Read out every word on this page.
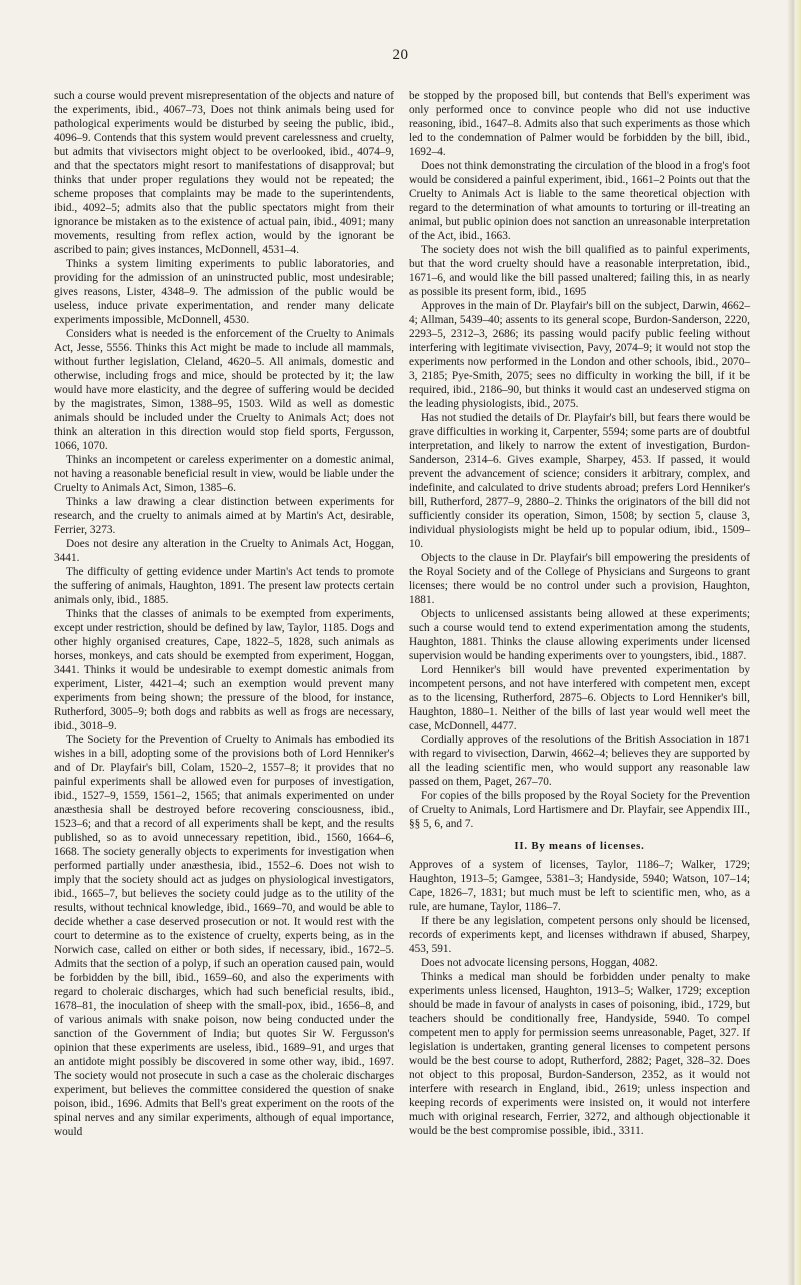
20

such a course would prevent misrepresentation of the objects and nature of the experiments, ibid., 4067–73, Does not think animals being used for pathological experiments would be disturbed by seeing the public, ibid., 4096–9. Contends that this system would prevent carelessness and cruelty, but admits that vivisectors might object to be overlooked, ibid., 4074–9, and that the spectators might resort to manifestations of disapproval; but thinks that under proper regulations they would not be repeated; the scheme proposes that complaints may be made to the superintendents, ibid., 4092–5; admits also that the public spectators might from their ignorance be mistaken as to the existence of actual pain, ibid., 4091; many movements, resulting from reflex action, would by the ignorant be ascribed to pain; gives instances, McDonnell, 4531–4.

Thinks a system limiting experiments to public laboratories, and providing for the admission of an uninstructed public, most undesirable; gives reasons, Lister, 4348–9. The admission of the public would be useless, induce private experimentation, and render many delicate experiments impossible, McDonnell, 4530.

Considers what is needed is the enforcement of the Cruelty to Animals Act, Jesse, 5556. Thinks this Act might be made to include all mammals, without further legislation, Cleland, 4620–5. All animals, domestic and otherwise, including frogs and mice, should be protected by it; the law would have more elasticity, and the degree of suffering would be decided by the magistrates, Simon, 1388–95, 1503. Wild as well as domestic animals should be included under the Cruelty to Animals Act; does not think an alteration in this direction would stop field sports, Fergusson, 1066, 1070.

Thinks an incompetent or careless experimenter on a domestic animal, not having a reasonable beneficial result in view, would be liable under the Cruelty to Animals Act, Simon, 1385–6.

Thinks a law drawing a clear distinction between experiments for research, and the cruelty to animals aimed at by Martin's Act, desirable, Ferrier, 3273.

Does not desire any alteration in the Cruelty to Animals Act, Hoggan, 3441.

The difficulty of getting evidence under Martin's Act tends to promote the suffering of animals, Haughton, 1891. The present law protects certain animals only, ibid., 1885.

Thinks that the classes of animals to be exempted from experiments, except under restriction, should be defined by law, Taylor, 1185. Dogs and other highly organised creatures, Cape, 1822–5, 1828, such animals as horses, monkeys, and cats should be exempted from experiment, Hoggan, 3441. Thinks it would be undesirable to exempt domestic animals from experiment, Lister, 4421–4; such an exemption would prevent many experiments from being shown; the pressure of the blood, for instance, Rutherford, 3005–9; both dogs and rabbits as well as frogs are necessary, ibid., 3018–9.

The Society for the Prevention of Cruelty to Animals has embodied its wishes in a bill, adopting some of the provisions both of Lord Henniker's and of Dr. Playfair's bill, Colam, 1520–2, 1557–8; it provides that no painful experiments shall be allowed even for purposes of investigation, ibid., 1527–9, 1559, 1561–2, 1565; that animals experimented on under anæsthesia shall be destroyed before recovering consciousness, ibid., 1523–6; and that a record of all experiments shall be kept, and the results published, so as to avoid unnecessary repetition, ibid., 1560, 1664–6, 1668. The society generally objects to experiments for investigation when performed partially under anæsthesia, ibid., 1552–6. Does not wish to imply that the society should act as judges on physiological investigators, ibid., 1665–7, but believes the society could judge as to the utility of the results, without technical knowledge, ibid., 1669–70, and would be able to decide whether a case deserved prosecution or not. It would rest with the court to determine as to the existence of cruelty, experts being, as in the Norwich case, called on either or both sides, if necessary, ibid., 1672–5. Admits that the section of a polyp, if such an operation caused pain, would be forbidden by the bill, ibid., 1659–60, and also the experiments with regard to choleraic discharges, which had such beneficial results, ibid., 1678–81, the inoculation of sheep with the small-pox, ibid., 1656–8, and of various animals with snake poison, now being conducted under the sanction of the Government of India; but quotes Sir W. Fergusson's opinion that these experiments are useless, ibid., 1689–91, and urges that an antidote might possibly be discovered in some other way, ibid., 1697. The society would not prosecute in such a case as the choleraic discharges experiment, but believes the committee considered the question of snake poison, ibid., 1696. Admits that Bell's great experiment on the roots of the spinal nerves and any similar experiments, although of equal importance, would

be stopped by the proposed bill, but contends that Bell's experiment was only performed once to convince people who did not use inductive reasoning, ibid., 1647–8. Admits also that such experiments as those which led to the condemnation of Palmer would be forbidden by the bill, ibid., 1692–4.

Does not think demonstrating the circulation of the blood in a frog's foot would be considered a painful experiment, ibid., 1661–2 Points out that the Cruelty to Animals Act is liable to the same theoretical objection with regard to the determination of what amounts to torturing or ill-treating an animal, but public opinion does not sanction an unreasonable interpretation of the Act, ibid., 1663.

The society does not wish the bill qualified as to painful experiments, but that the word cruelty should have a reasonable interpretation, ibid., 1671–6, and would like the bill passed unaltered; failing this, in as nearly as possible its present form, ibid., 1695

Approves in the main of Dr. Playfair's bill on the subject, Darwin, 4662–4; Allman, 5439–40; assents to its general scope, Burdon-Sanderson, 2220, 2293–5, 2312–3, 2686; its passing would pacify public feeling without interfering with legitimate vivisection, Pavy, 2074–9; it would not stop the experiments now performed in the London and other schools, ibid., 2070–3, 2185; Pye-Smith, 2075; sees no difficulty in working the bill, if it be required, ibid., 2186–90, but thinks it would cast an undeserved stigma on the leading physiologists, ibid., 2075.

Has not studied the details of Dr. Playfair's bill, but fears there would be grave difficulties in working it, Carpenter, 5594; some parts are of doubtful interpretation, and likely to narrow the extent of investigation, Burdon-Sanderson, 2314–6. Gives example, Sharpey, 453. If passed, it would prevent the advancement of science; considers it arbitrary, complex, and indefinite, and calculated to drive students abroad; prefers Lord Henniker's bill, Rutherford, 2877–9, 2880–2. Thinks the originators of the bill did not sufficiently consider its operation, Simon, 1508; by section 5, clause 3, individual physiologists might be held up to popular odium, ibid., 1509–10.

Objects to the clause in Dr. Playfair's bill empowering the presidents of the Royal Society and of the College of Physicians and Surgeons to grant licenses; there would be no control under such a provision, Haughton, 1881.

Objects to unlicensed assistants being allowed at these experiments; such a course would tend to extend experimentation among the students, Haughton, 1881. Thinks the clause allowing experiments under licensed supervision would be handing experiments over to youngsters, ibid., 1887.

Lord Henniker's bill would have prevented experimentation by incompetent persons, and not have interfered with competent men, except as to the licensing, Rutherford, 2875–6. Objects to Lord Henniker's bill, Haughton, 1880–1. Neither of the bills of last year would well meet the case, McDonnell, 4477.

Cordially approves of the resolutions of the British Association in 1871 with regard to vivisection, Darwin, 4662–4; believes they are supported by all the leading scientific men, who would support any reasonable law passed on them, Paget, 267–70.

For copies of the bills proposed by the Royal Society for the Prevention of Cruelty to Animals, Lord Hartismere and Dr. Playfair, see Appendix III., §§ 5, 6, and 7.

II. By means of licenses.

Approves of a system of licenses, Taylor, 1186–7; Walker, 1729; Haughton, 1913–5; Gamgee, 5381–3; Handyside, 5940; Watson, 107–14; Cape, 1826–7, 1831; but much must be left to scientific men, who, as a rule, are humane, Taylor, 1186–7.

If there be any legislation, competent persons only should be licensed, records of experiments kept, and licenses withdrawn if abused, Sharpey, 453, 591.

Does not advocate licensing persons, Hoggan, 4082.

Thinks a medical man should be forbidden under penalty to make experiments unless licensed, Haughton, 1913–5; Walker, 1729; exception should be made in favour of analysts in cases of poisoning, ibid., 1729, but teachers should be conditionally free, Handyside, 5940. To compel competent men to apply for permission seems unreasonable, Paget, 327. If legislation is undertaken, granting general licenses to competent persons would be the best course to adopt, Rutherford, 2882; Paget, 328–32. Does not object to this proposal, Burdon-Sanderson, 2352, as it would not interfere with research in England, ibid., 2619; unless inspection and keeping records of experiments were insisted on, it would not interfere much with original research, Ferrier, 3272, and although objectionable it would be the best compromise possible, ibid., 3311.
